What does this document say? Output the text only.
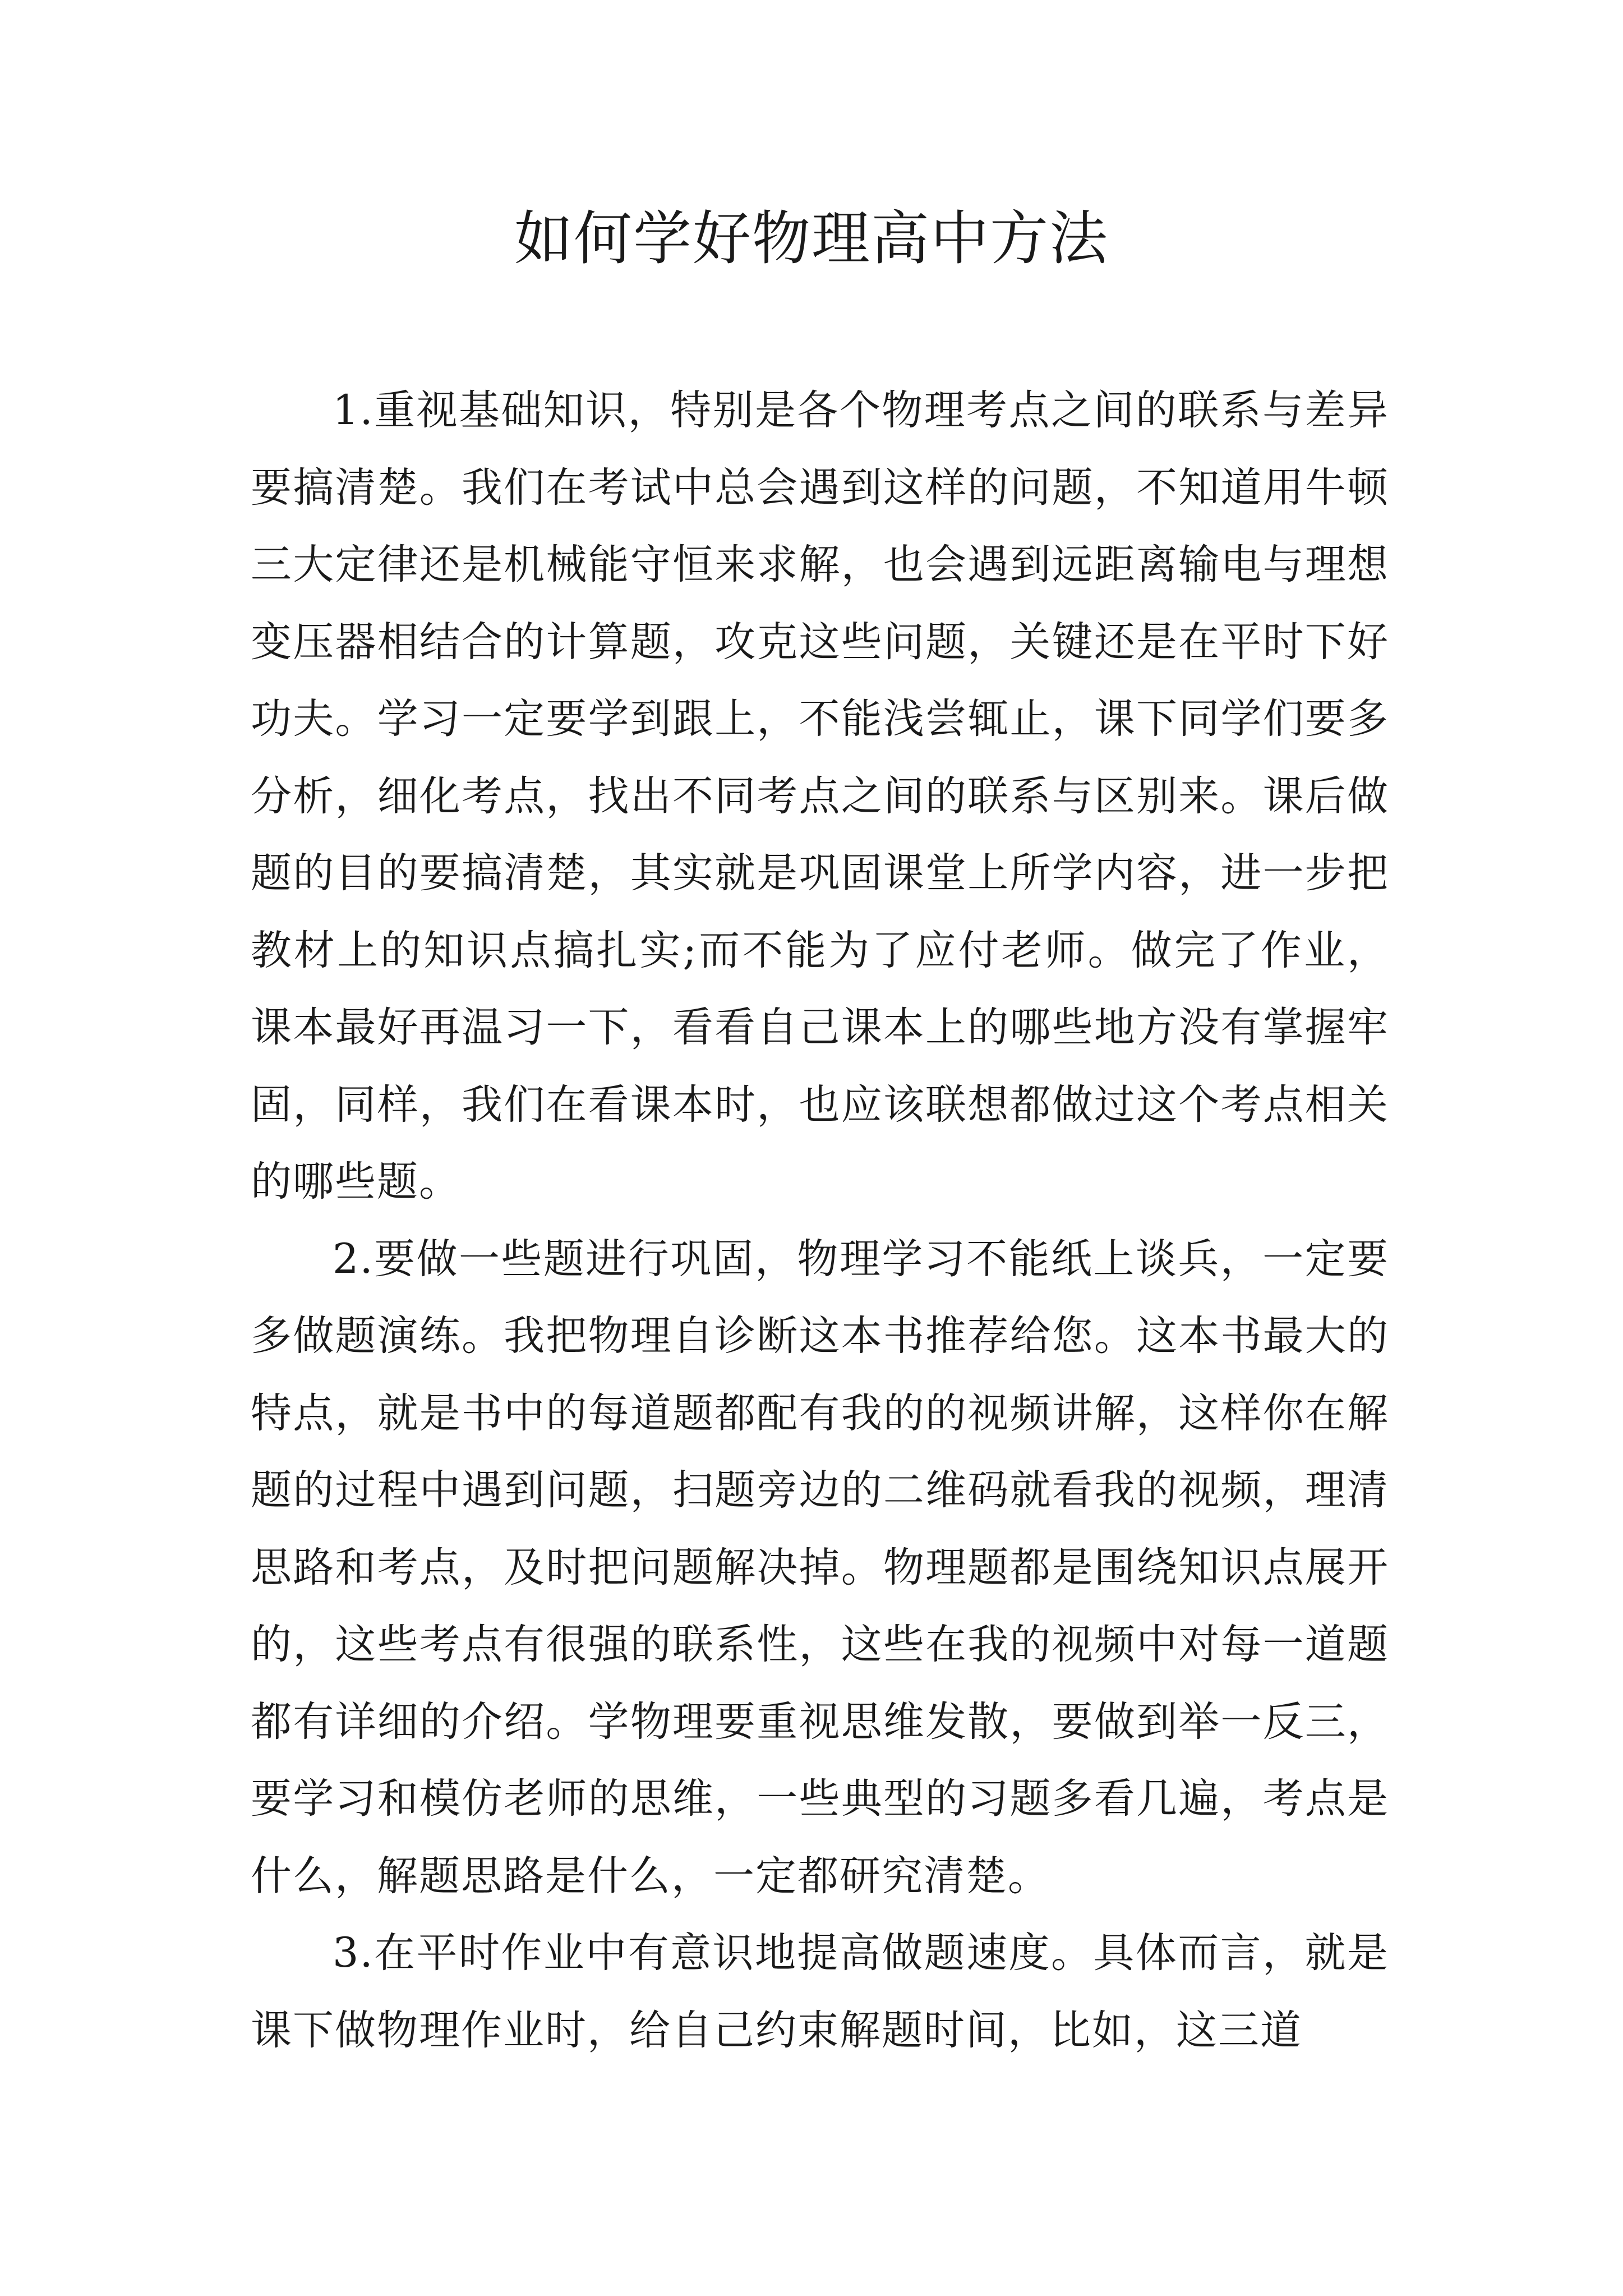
如何学好物理高中方法

1.重视基础知识，特别是各个物理考点之间的联系与差异要搞清楚。我们在考试中总会遇到这样的问题，不知道用牛顿三大定律还是机械能守恒来求解，也会遇到远距离输电与理想变压器相结合的计算题，攻克这些问题，关键还是在平时下好功夫。学习一定要学到跟上，不能浅尝辄止，课下同学们要多分析，细化考点，找出不同考点之间的联系与区别来。课后做题的目的要搞清楚，其实就是巩固课堂上所学内容，进一步把教材上的知识点搞扎实;而不能为了应付老师。做完了作业，课本最好再温习一下，看看自己课本上的哪些地方没有掌握牢固，同样，我们在看课本时，也应该联想都做过这个考点相关的哪些题。

2.要做一些题进行巩固，物理学习不能纸上谈兵，一定要多做题演练。我把物理自诊断这本书推荐给您。这本书最大的特点，就是书中的每道题都配有我的的视频讲解，这样你在解题的过程中遇到问题，扫题旁边的二维码就看我的视频，理清思路和考点，及时把问题解决掉。物理题都是围绕知识点展开的，这些考点有很强的联系性，这些在我的视频中对每一道题都有详细的介绍。学物理要重视思维发散，要做到举一反三，要学习和模仿老师的思维，一些典型的习题多看几遍，考点是什么，解题思路是什么，一定都研究清楚。

3.在平时作业中有意识地提高做题速度。具体而言，就是课下做物理作业时，给自己约束解题时间，比如，这三道
